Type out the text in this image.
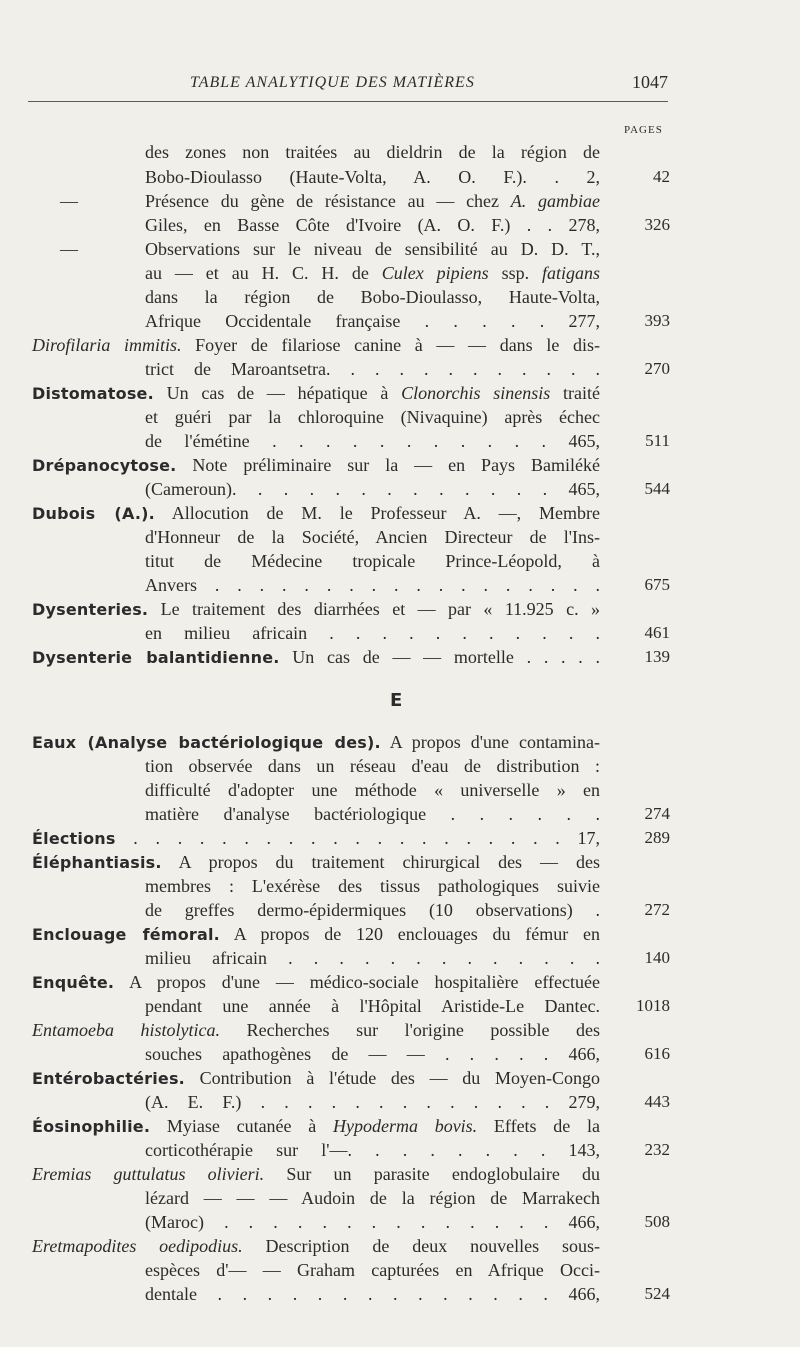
TABLE ANALYTIQUE DES MATIÈRES	1047
PAGES
des zones non traitées au dieldrin de la région de
Bobo-Dioulasso (Haute-Volta, A. O. F.). . 2,	42
—	Présence du gène de résistance au — chez A. gambiae
Giles, en Basse Côte d'Ivoire (A. O. F.) . . 278,	326
—	Observations sur le niveau de sensibilité au D. D. T.,
au — et au H. C. H. de Culex pipiens ssp. fatigans
dans la région de Bobo-Dioulasso, Haute-Volta,
Afrique Occidentale française . . . . . 277,	393
Dirofilaria immitis. Foyer de filariose canine à — — dans le dis-
trict de Maroantsetra. . . . . . . . . . . .	270
Distomatose. Un cas de — hépatique à Clonorchis sinensis traité
et guéri par la chloroquine (Nivaquine) après échec
de l'émétine . . . . . . . . . . . 465,	511
Drépanocytose. Note préliminaire sur la — en Pays Bamiléké
(Cameroun). . . . . . . . . . . . . 465,	544
Dubois (A.). Allocution de M. le Professeur A. —, Membre
d'Honneur de la Société, Ancien Directeur de l'Ins-
titut de Médecine tropicale Prince-Léopold, à
Anvers . . . . . . . . . . . . . . . . . .	675
Dysenteries. Le traitement des diarrhées et — par « 11.925 c. »
en milieu africain . . . . . . . . . . .	461
Dysenterie balantidienne. Un cas de — — mortelle . . . . .	139
E
Eaux (Analyse bactériologique des). A propos d'une contamina-
tion observée dans un réseau d'eau de distribution :
difficulté d'adopter une méthode « universelle » en
matière d'analyse bactériologique . . . . . .	274
Élections . . . . . . . . . . . . . . . . . . . . 17,	289
Éléphantiasis. A propos du traitement chirurgical des — des
membres : L'exérèse des tissus pathologiques suivie
de greffes dermo-épidermiques (10 observations) .	272
Enclouage fémoral. A propos de 120 enclouages du fémur en
milieu africain . . . . . . . . . . . . .	140
Enquête. A propos d'une — médico-sociale hospitalière effectuée
pendant une année à l'Hôpital Aristide-Le Dantec.	1018
Entamoeba histolytica. Recherches sur l'origine possible des
souches apathogènes de — — . . . . . 466,	616
Entérobactéries. Contribution à l'étude des — du Moyen-Congo
(A. E. F.) . . . . . . . . . . . . . 279,	443
Éosinophilie. Myiase cutanée à Hypoderma bovis. Effets de la
corticothérapie sur l'—. . . . . . . . 143,	232
Eremias guttulatus olivieri. Sur un parasite endoglobulaire du
lézard — — — Audoin de la région de Marrakech
(Maroc) . . . . . . . . . . . . . . 466,	508
Eretmapodites oedipodius. Description de deux nouvelles sous-
espèces d'— — Graham capturées en Afrique Occi-
dentale . . . . . . . . . . . . . . 466,	524
